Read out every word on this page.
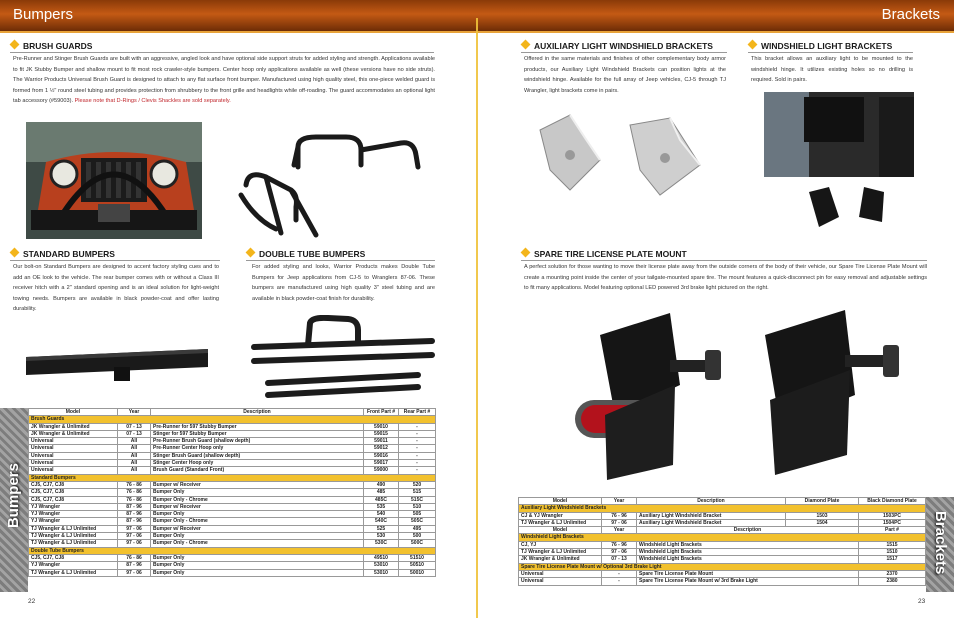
Bumpers	Brackets
BRUSH GUARDS
Pre-Runner and Stinger Brush Guards are built with an aggressive, angled look and have optional side support struts for added styling and strength. Applications available to fit JK Stubby Bumper and shallow mount to fit most rock crawler-style bumpers. Center hoop only applications available as well (these versions have no side struts). The Warrior Products Universal Brush Guard is designed to attach to any flat surface front bumper. Manufactured using high quality steel, this one-piece welded guard is formed from 1 ½" round steel tubing and provides protection from shrubbery to the front grille and headlights while off-roading. The guard accommodates an optional light tab accessory (#59003). Please note that D-Rings / Clevis Shackles are sold separately.
STANDARD BUMPERS
Our bolt-on Standard Bumpers are designed to accent factory styling cues and to add an OE look to the vehicle. The rear bumper comes with or without a Class III receiver hitch with a 2" standard opening and is an ideal solution for light-weight towing needs. Bumpers are available in black powder-coat and offer lasting durability.
DOUBLE TUBE BUMPERS
For added styling and looks, Warrior Products makes Double Tube Bumpers for Jeep applications from CJ-5 to Wranglers 87-06. These bumpers are manufactured using high quality 3" steel tubing and are available in black powder-coat finish for durability.
Bumpers
Model	Year	Description	Front Part #	Rear Part #
Brush Guards				
JK Wrangler & Unlimited	07 - 13	Pre-Runner for 597 Stubby Bumper	59010	-
JK Wrangler & Unlimited	07 - 13	Stinger for 597 Stubby Bumper	59015	-
Universal	All	Pre-Runner Brush Guard (shallow depth)	59011	-
Universal	All	Pre-Runner Center Hoop only	59012	-
Universal	All	Stinger Brush Guard (shallow depth)	59016	-
Universal	All	Stinger Center Hoop only	59017	-
Universal	All	Brush Guard (Standard Front)	59000	-
Standard Bumpers				
CJ5, CJ7, CJ8	76 - 86	Bumper w/ Receiver	490	520
CJ5, CJ7, CJ8	76 - 86	Bumper Only	485	515
CJ5, CJ7, CJ8	76 - 86	Bumper Only - Chrome	485C	515C
YJ Wrangler	87 - 96	Bumper w/ Receiver	535	510
YJ Wrangler	87 - 96	Bumper Only	540	505
YJ Wrangler	87 - 96	Bumper Only - Chrome	540C	505C
TJ Wrangler & LJ Unlimited	97 - 06	Bumper w/ Receiver	525	495
TJ Wrangler & LJ Unlimited	97 - 06	Bumper Only	530	500
TJ Wrangler & LJ Unlimited	97 - 06	Bumper Only - Chrome	530C	500C
Double Tube Bumpers				
CJ5, CJ7, CJ8	76 - 86	Bumper Only	49510	51510
YJ Wrangler	87 - 96	Bumper Only	53010	50510
TJ Wrangler & LJ Unlimited	97 - 06	Bumper Only	53010	50010
22
AUXILIARY LIGHT WINDSHIELD BRACKETS
Offered in the same materials and finishes of other complementary body armor products, our Auxiliary Light Windshield Brackets can position lights at the windshield hinge. Available for the full array of Jeep vehicles, CJ-5 through TJ Wrangler, light brackets come in pairs.
WINDSHIELD LIGHT BRACKETS
This bracket allows an auxiliary light to be mounted to the windshield hinge. It utilizes existing holes so no drilling is required. Sold in pairs.
SPARE TIRE LICENSE PLATE MOUNT
A perfect solution for those wanting to move their license plate away from the outside corners of the body of their vehicle, our Spare Tire License Plate Mount will create a mounting point inside the center of your tailgate-mounted spare tire. The mount features a quick-disconnect pin for easy removal and adjustable settings to fit many applications. Model featuring optional LED powered 3rd brake light pictured on the right.
Brackets
Model	Year	Description	Diamond Plate	Black Diamond Plate
Auxiliary Light Windshield Brackets				
CJ & YJ Wrangler	76 - 96	Auxiliary Light Windshield Bracket	1503	1503PC
TJ Wrangler & LJ Unlimited	97 - 06	Auxiliary Light Windshield Bracket	1504	1504PC
Model	Year	Description		Part #
Windshield Light Brackets				
CJ, YJ	76 - 96	Windshield Light Brackets		1515
TJ Wrangler & LJ Unlimited	97 - 06	Windshield Light Brackets		1510
JK Wrangler & Unlimited	07 - 13	Windshield Light Brackets		1517
Spare Tire License Plate Mount w/ Optional 3rd Brake Light				
Universal	-	Spare Tire License Plate Mount		2370
Universal	-	Spare Tire License Plate Mount w/ 3rd Brake Light		2380
23
